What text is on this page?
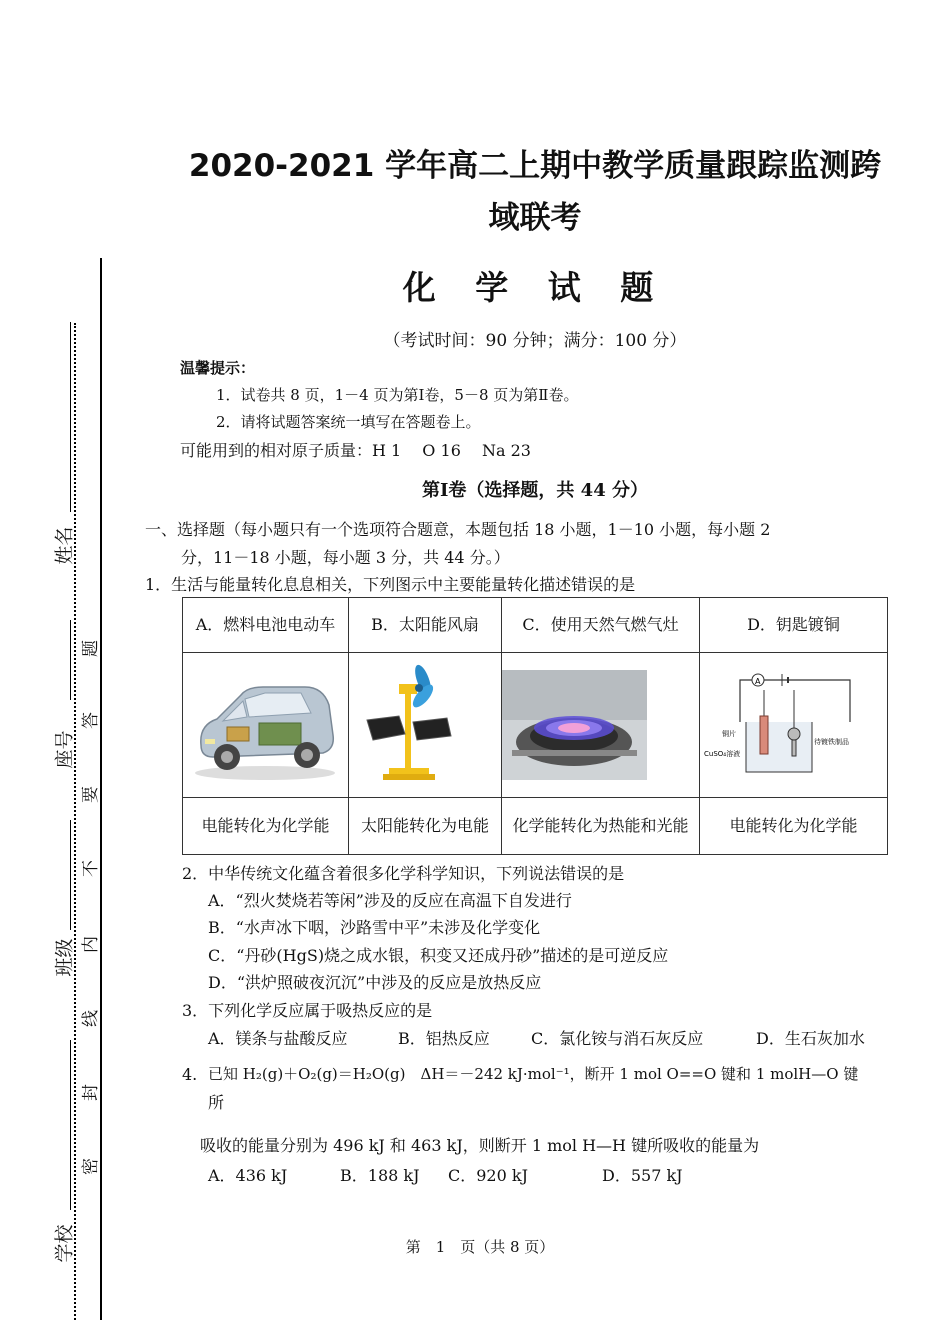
姓名
座号
班级
学校
题
答
要
不
内
线
封
密
2020-2021 学年高二上期中教学质量跟踪监测跨域联考
化 学 试 题
（考试时间：90 分钟；满分：100 分）
温馨提示：
1．试卷共 8 页，1－4 页为第Ⅰ卷，5－8 页为第Ⅱ卷。
2．请将试题答案统一填写在答题卷上。
可能用到的相对原子质量：H 1　 O 16　 Na 23
第Ⅰ卷（选择题，共 44 分）
一、选择题（每小题只有一个选项符合题意，本题包括 18 小题，1－10 小题，每小题 2
分，11－18 小题，每小题 3 分，共 44 分。）
1．生活与能量转化息息相关，下列图示中主要能量转化描述错误的是
A．燃料电池电动车	B．太阳能风扇	C．使用天然气燃气灶	D．钥匙镀铜

A
铜片
CuSO₄溶液
待镀铁制品

电能转化为化学能	太阳能转化为电能	化学能转化为热能和光能	电能转化为化学能
2．中华传统文化蕴含着很多化学科学知识，下列说法错误的是
A．“烈火焚烧若等闲”涉及的反应在高温下自发进行
B．“水声冰下咽，沙路雪中平”未涉及化学变化
C．“丹砂(HgS)烧之成水银，积变又还成丹砂”描述的是可逆反应
D．“洪炉照破夜沉沉”中涉及的反应是放热反应
3．下列化学反应属于吸热反应的是
A．镁条与盐酸反应	B．铝热反应	C．氯化铵与消石灰反应	D．生石灰加水
4. 已知 H₂(g)＋O₂(g)＝H₂O(g)　ΔH＝－242 kJ·mol⁻¹，断开 1 mol O==O 键和 1 molH—O 键
所
吸收的能量分别为 496 kJ 和 463 kJ，则断开 1 mol H—H 键所吸收的能量为
A．436 kJ	B．188 kJ C．920 kJ	D．557 kJ
第　1　页（共 8 页）
